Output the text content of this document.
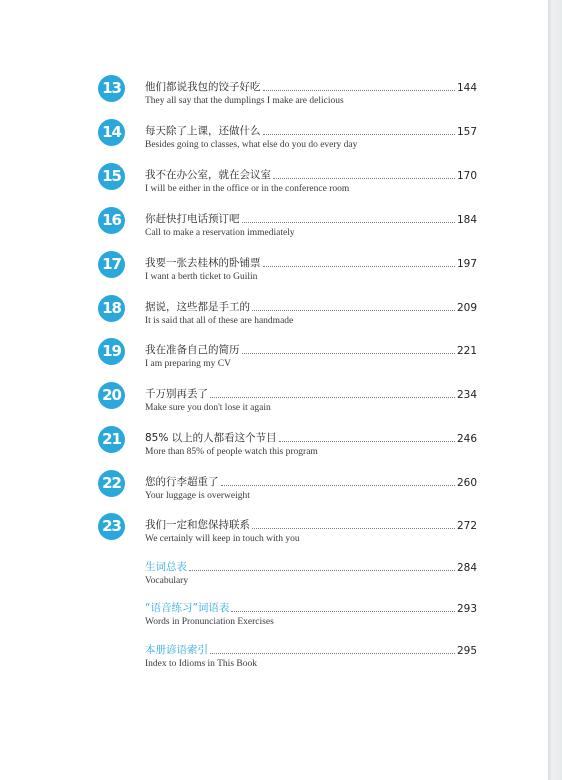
13	他们都说我包的饺子好吃	144
They all say that the dumplings I make are delicious
14	每天除了上课，还做什么	157
Besides going to classes, what else do you do every day
15	我不在办公室，就在会议室	170
I will be either in the office or in the conference room
16	你赶快打电话预订吧	184
Call to make a reservation immediately
17	我要一张去桂林的卧铺票	197
I want a berth ticket to Guilin
18	据说，这些都是手工的	209
It is said that all of these are handmade
19	我在准备自己的简历	221
I am preparing my CV
20	千万别再丢了	234
Make sure you don't lose it again
21	85% 以上的人都看这个节目	246
More than 85% of people watch this program
22	您的行李超重了	260
Your luggage is overweight
23	我们一定和您保持联系	272
We certainly will keep in touch with you
生词总表	284
Vocabulary
“语音练习”词语表	293
Words in Pronunciation Exercises
本册谚语索引	295
Index to Idioms in This Book
